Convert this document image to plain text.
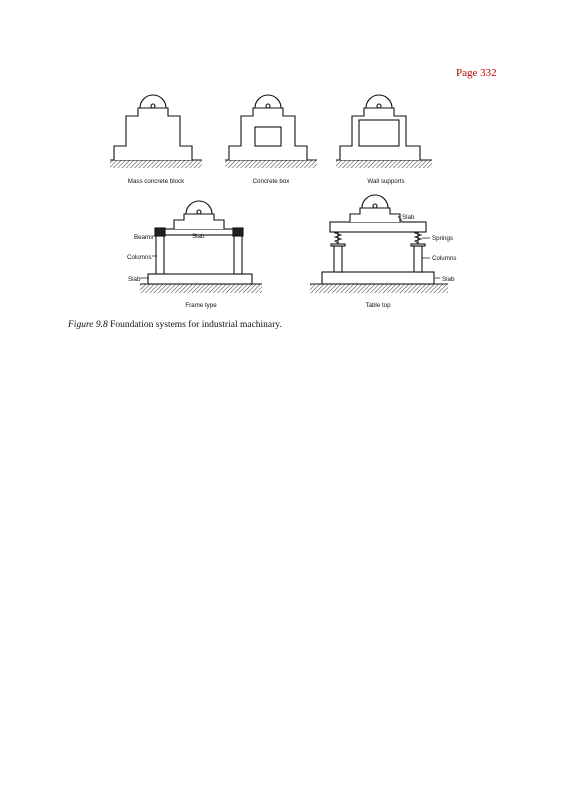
Page 332
Mass concrete block	Concrete box	Wall supports
Beams	Slab
Columns
Slab
Frame type
Slab
Springs
Columns
Slab
Table top
Figure 9.8 Foundation systems for industrial machinary.
